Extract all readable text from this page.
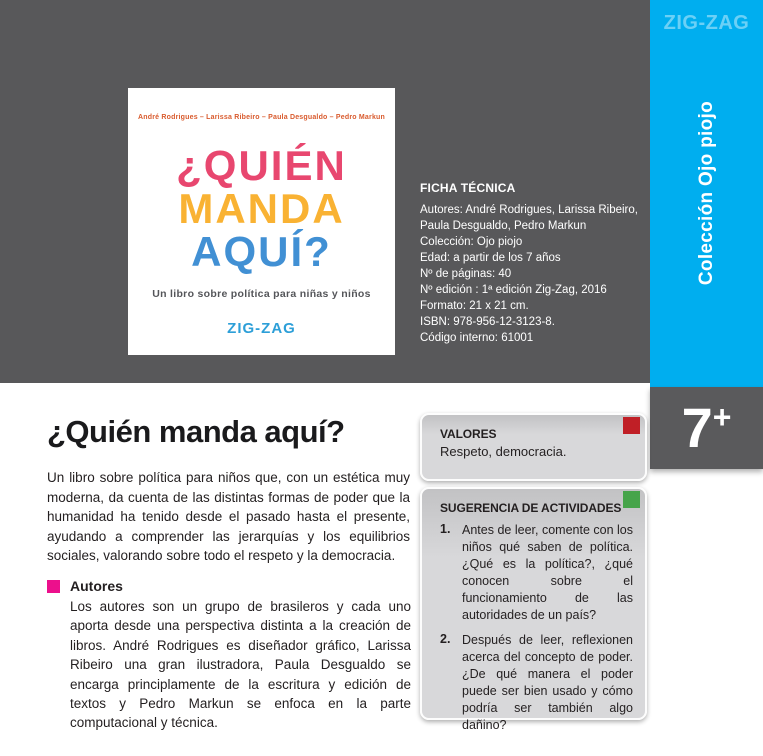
André Rodrigues – Larissa Ribeiro – Paula Desgualdo – Pedro Markun
¿QUIÉN
MANDA
AQUÍ?
Un libro sobre política para niñas y niños
ZIG-ZAG
FICHA TÉCNICA
Autores: André Rodrigues, Larissa Ribeiro, Paula Desgualdo, Pedro Markun
Colección: Ojo piojo
Edad: a partir de los 7 años
Nº de páginas: 40
Nº edición : 1ª edición Zig-Zag, 2016
Formato: 21 x 21 cm.
ISBN: 978-956-12-3123-8.
Código interno: 61001
ZIG-ZAG
Colección Ojo piojo
7 +
¿Quién manda aquí?

Un libro sobre política para niños que, con un estética muy moderna, da cuenta de las distintas formas de poder que la humanidad ha tenido desde el pasado hasta el presente, ayudando a comprender las jerarquías y los equilibrios sociales, valorando sobre todo el respeto y la democracia.

Autores

Los autores son un grupo de brasileros y cada uno aporta desde una perspectiva distinta a la creación de libros. André Rodrigues es diseñador gráfico, Larissa Ribeiro una gran ilustradora, Paula Desgualdo se encarga principlamente de la escritura y edición de textos y Pedro Markun se enfoca en la parte computacional y técnica.

VALORES
Respeto, democracia.
SUGERENCIA DE ACTIVIDADES
1. Antes de leer, comente con los niños qué saben de política. ¿Qué es la política?, ¿qué conocen sobre el funcionamiento de las autoridades de un país?
2. Después de leer, reflexionen acerca del concepto de poder. ¿De qué manera el poder puede ser bien usado y cómo podría ser también algo dañino?
